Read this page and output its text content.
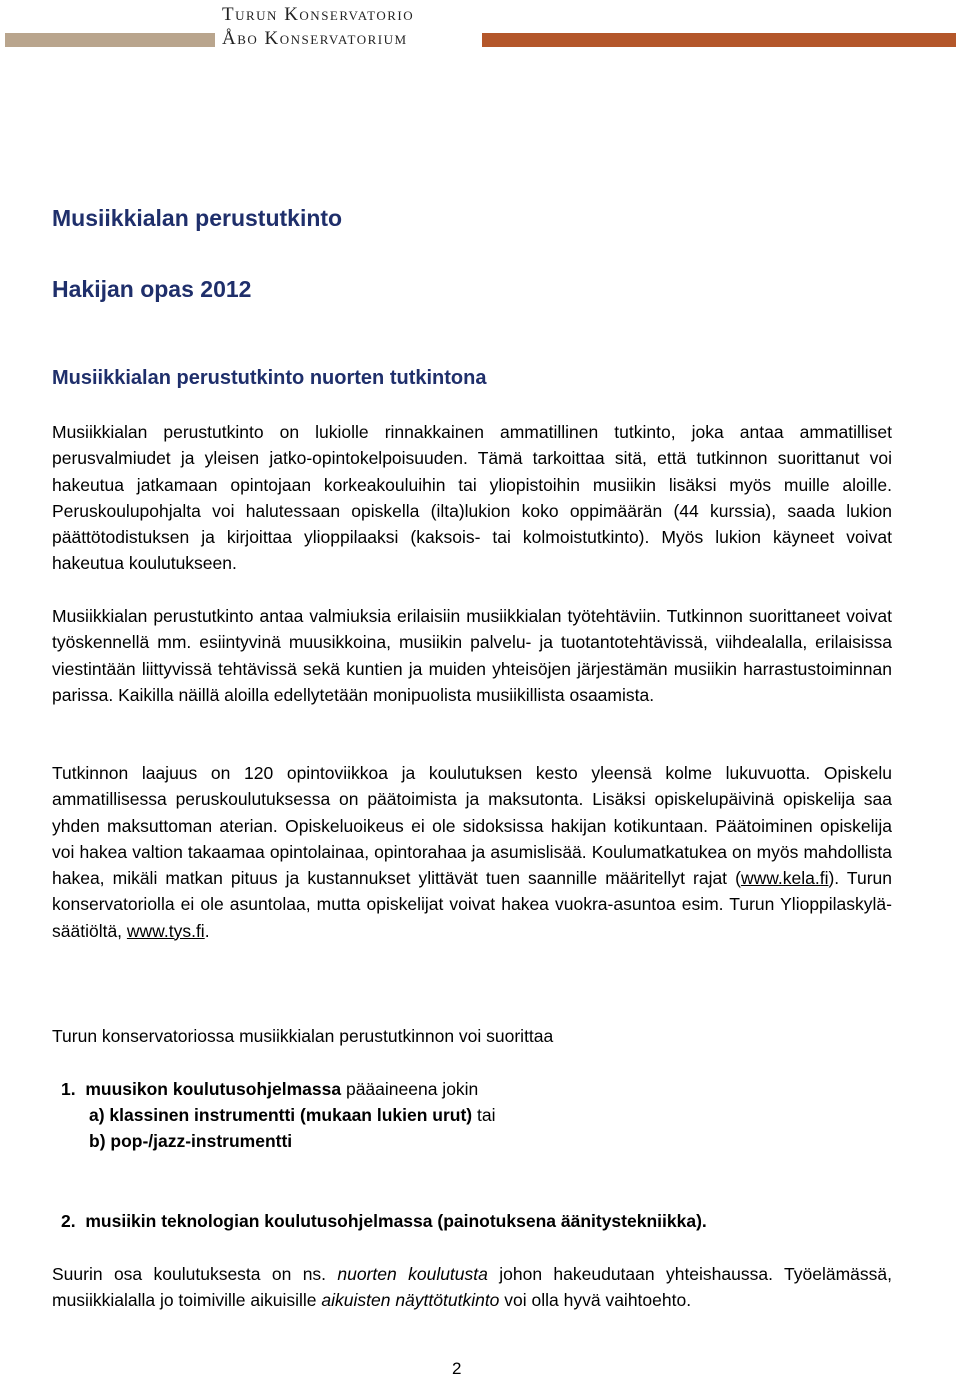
Turun Konservatorio
Åbo Konservatorium
Musiikkialan perustutkinto
Hakijan opas 2012
Musiikkialan perustutkinto nuorten tutkintona
Musiikkialan perustutkinto on lukiolle rinnakkainen ammatillinen tutkinto, joka antaa ammatilliset perusvalmiudet ja yleisen jatko-opintokelpoisuuden. Tämä tarkoittaa sitä, että tutkinnon suorittanut voi hakeutua jatkamaan opintojaan korkeakouluihin tai yliopistoihin musiikin lisäksi myös muille aloille. Peruskoulupohjalta voi halutessaan opiskella (ilta)lukion koko oppimäärän (44 kurssia), saada lukion päättötodistuksen ja kirjoittaa ylioppilaaksi (kaksois- tai kolmoistutkinto). Myös lukion käyneet voivat hakeutua koulutukseen.
Musiikkialan perustutkinto antaa valmiuksia erilaisiin musiikkialan työtehtäviin. Tutkinnon suorittaneet voivat työskennellä mm. esiintyvinä muusikkoina, musiikin palvelu- ja tuotantotehtävissä, viihdealalla, erilaisissa viestintään liittyvissä tehtävissä sekä kuntien ja muiden yhteisöjen järjestämän musiikin harrastustoiminnan parissa. Kaikilla näillä aloilla edellytetään monipuolista musiikillista osaamista.
Tutkinnon laajuus on 120 opintoviikkoa ja koulutuksen kesto yleensä kolme lukuvuotta. Opiskelu ammatillisessa peruskoulutuksessa on päätoimista ja maksutonta. Lisäksi opiskelupäivinä opiskelija saa yhden maksuttoman aterian. Opiskeluoikeus ei ole sidoksissa hakijan kotikuntaan. Päätoiminen opiskelija voi hakea valtion takaamaa opintolainaa, opintorahaa ja asumislisää. Koulumatkatukea on myös mahdollista hakea, mikäli matkan pituus ja kustannukset ylittävät tuen saannille määritellyt rajat (www.kela.fi). Turun konservatoriolla ei ole asuntolaa, mutta opiskelijat voivat hakea vuokra-asuntoa esim. Turun Ylioppilaskylä-säätiöltä, www.tys.fi.
Turun konservatoriossa musiikkialan perustutkinnon voi suorittaa
1. muusikon koulutusohjelmassa pääaineena jokin
a) klassinen instrumentti (mukaan lukien urut) tai
b) pop-/jazz-instrumentti
2. musiikin teknologian koulutusohjelmassa (painotuksena äänitystekniikka).
Suurin osa koulutuksesta on ns. nuorten koulutusta johon hakeudutaan yhteishaussa. Työelämässä, musiikkialalla jo toimiville aikuisille aikuisten näyttötutkinto voi olla hyvä vaihtoehto.
2
